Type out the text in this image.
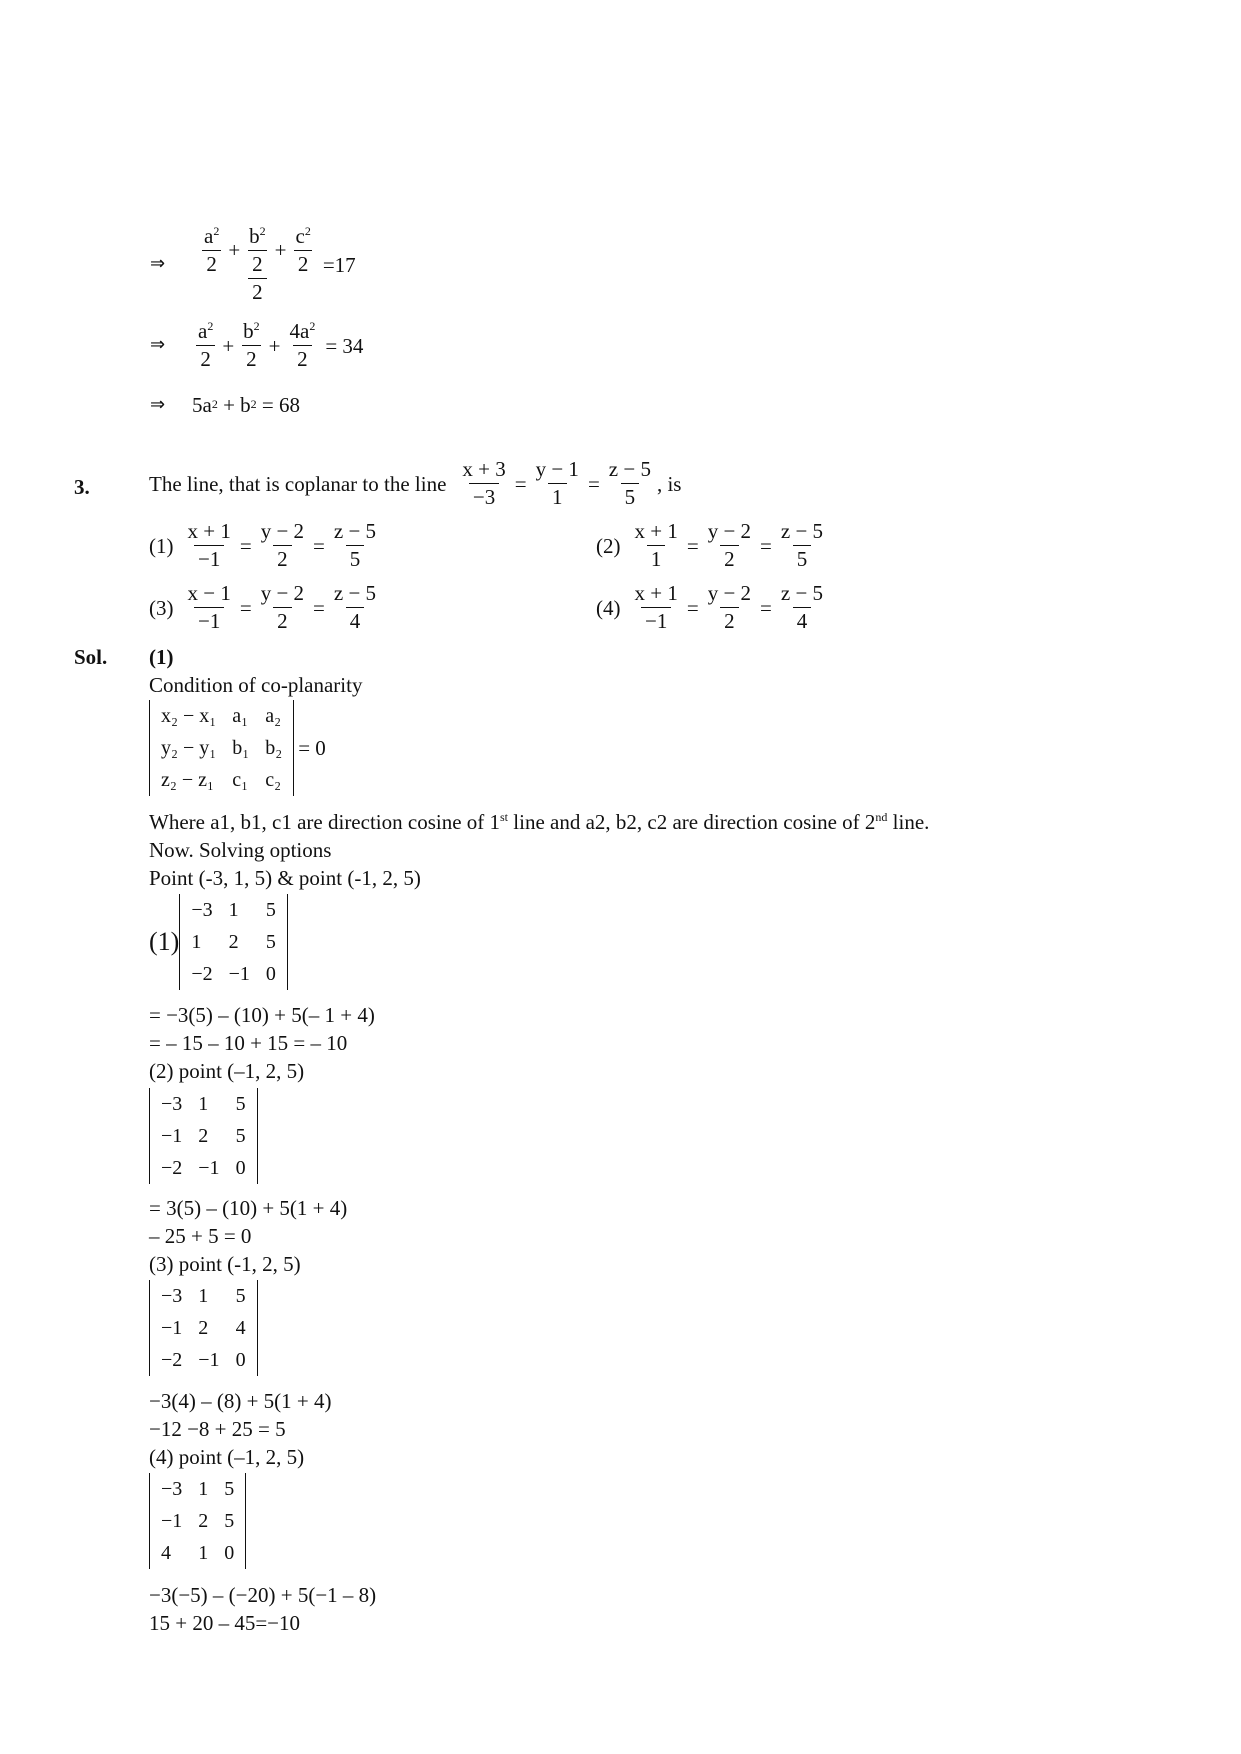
⇒	$\frac{\frac{a^2}{2} + \frac{b^2}{2} + \frac{c^2}{2}}{2} =17$
⇒	$\frac{a^2}{2} + \frac{b^2}{2} + \frac{4a^2}{2} = 34$
⇒	5a 2 + b 2 = 68
3.	The line, that is coplanar to the line $\frac{x + 3}{-3} = \frac{y - 1}{1} = \frac{z - 5}{5}$ , is
$(1) \frac{x + 1}{-1} = \frac{y - 2}{2} = \frac{z - 5}{5}$	$(2) \frac{x + 1}{1} = \frac{y - 2}{2} = \frac{z - 5}{5}$
$(3) \frac{x - 1}{-1} = \frac{y - 2}{2} = \frac{z - 5}{4}$	$(4) \frac{x + 1}{-1} = \frac{y - 2}{2} = \frac{z - 5}{4}$
Sol. (1)
Condition of co-planarity
x₂ − x₁	a₁	a₂
y₂ − y₁	b₁	b₂
z₂ − z₁	c₁	c₂
= 0
Where a1, b1, c1 are direction cosine of 1st line and a2, b2, c2 are direction cosine of 2nd line.
Now. Solving options
Point (-3, 1, 5) & point (-1, 2, 5)
(1)
−3	1	5
1	2	5
−2	−1	0
= −3(5) – (10) + 5(– 1 + 4)
= – 15 – 10 + 15 = – 10
(2) point (–1, 2, 5)
−3	1	5
−1	2	5
−2	−1	0
= 3(5) – (10) + 5(1 + 4)
– 25 + 5 = 0
(3) point (-1, 2, 5)
−3	1	5
−1	2	4
−2	−1	0
−3(4) – (8) + 5(1 + 4)
−12 −8 + 25 = 5
(4) point (–1, 2, 5)
−3	1	5
−1	2	5
4	1	0
−3(−5) – (−20) + 5(−1 – 8)
15 + 20 – 45=−10
